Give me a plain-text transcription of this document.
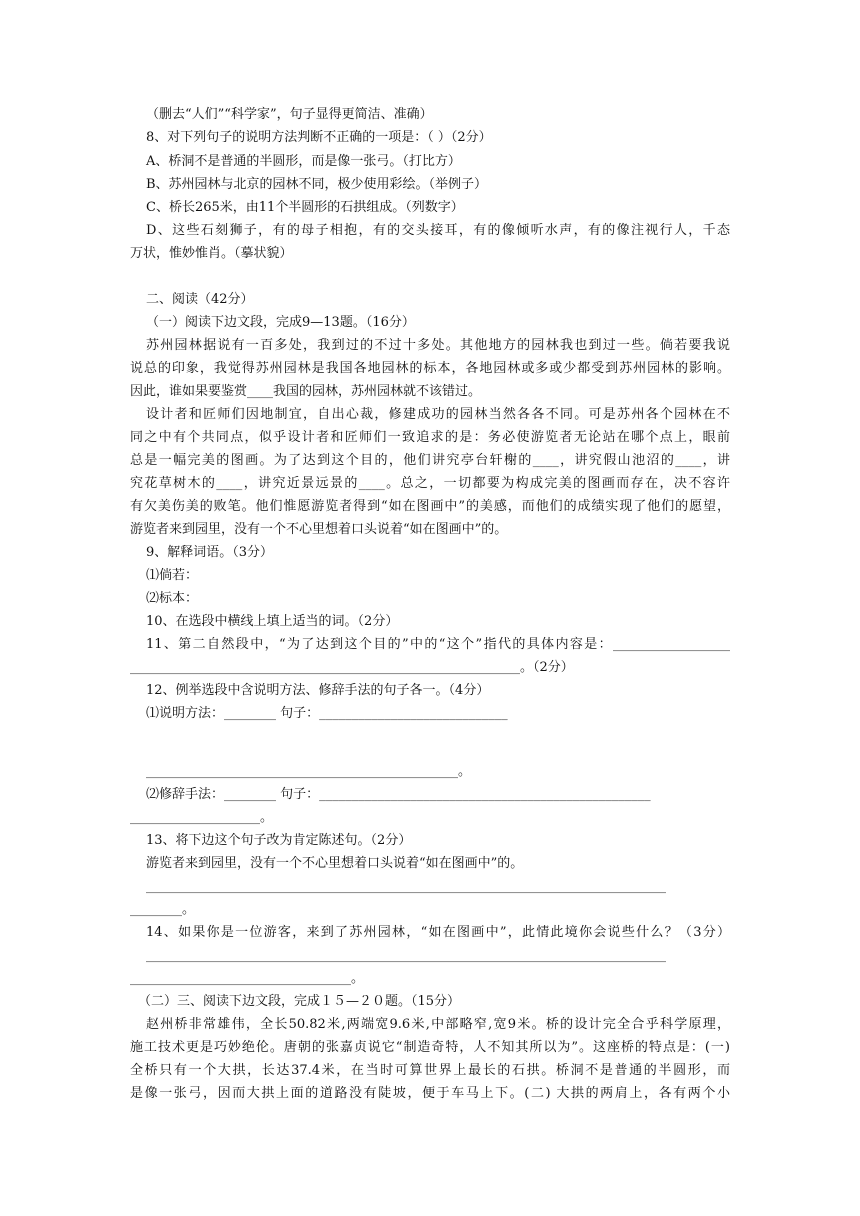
（删去“人们”“科学家”，句子显得更简洁、准确）
8、对下列句子的说明方法判断不正确的一项是：（ ）（2分）
A、桥洞不是普通的半圆形，而是像一张弓。（打比方）
B、苏州园林与北京的园林不同，极少使用彩绘。（举例子）
C、桥长265米，由11个半圆形的石拱组成。（列数字）
D、这些石刻狮子，有的母子相抱，有的交头接耳，有的像倾听水声，有的像注视行人，千态
万状，惟妙惟肖。（摹状貌）
二、阅读（42分）
（一）阅读下边文段，完成9—13题。（16分）
苏州园林据说有一百多处，我到过的不过十多处。其他地方的园林我也到过一些。倘若要我说
说总的印象，我觉得苏州园林是我国各地园林的标本，各地园林或多或少都受到苏州园林的影响。
因此，谁如果要鉴赏____我国的园林，苏州园林就不该错过。
设计者和匠师们因地制宜，自出心裁，修建成功的园林当然各各不同。可是苏州各个园林在不
同之中有个共同点，似乎设计者和匠师们一致追求的是：务必使游览者无论站在哪个点上，眼前
总是一幅完美的图画。为了达到这个目的，他们讲究亭台轩榭的____，讲究假山池沼的____，讲
究花草树木的____，讲究近景远景的____。总之，一切都要为构成完美的图画而存在，决不容许
有欠美伤美的败笔。他们惟愿游览者得到“如在图画中”的美感，而他们的成绩实现了他们的愿望，
游览者来到园里，没有一个不心里想着口头说着“如在图画中”的。
9、解释词语。（3分）
⑴倘若：
⑵标本：
10、在选段中横线上填上适当的词。（2分）
11、第二自然段中，“为了达到这个目的”中的“这个”指代的具体内容是：__________________
____________________________________________________________。（2分）
12、例举选段中含说明方法、修辞手法的句子各一。（4分）
⑴说明方法：________ 句子：_____________________________
________________________________________________。
⑵修辞手法：________ 句子：___________________________________________________
____________________。
13、将下边这个句子改为肯定陈述句。（2分）
游览者来到园里，没有一个不心里想着口头说着“如在图画中”的。
________________________________________________________________________________
________。
14、如果你是一位游客，来到了苏州园林，“如在图画中”，此情此境你会说些什么？（3分）
________________________________________________________________________________
__________________________________。
（二）三、阅读下边文段，完成１５—２０题。（15分）
赵州桥非常雄伟，全长50.82米,两端宽9.6米,中部略窄,宽9米。桥的设计完全合乎科学原理，
施工技术更是巧妙绝伦。唐朝的张嘉贞说它“制造奇特，人不知其所以为”。这座桥的特点是：(一)
全桥只有一个大拱，长达37.4米，在当时可算世界上最长的石拱。桥洞不是普通的半圆形，而
是像一张弓，因而大拱上面的道路没有陡坡，便于车马上下。(二) 大拱的两肩上，各有两个小
